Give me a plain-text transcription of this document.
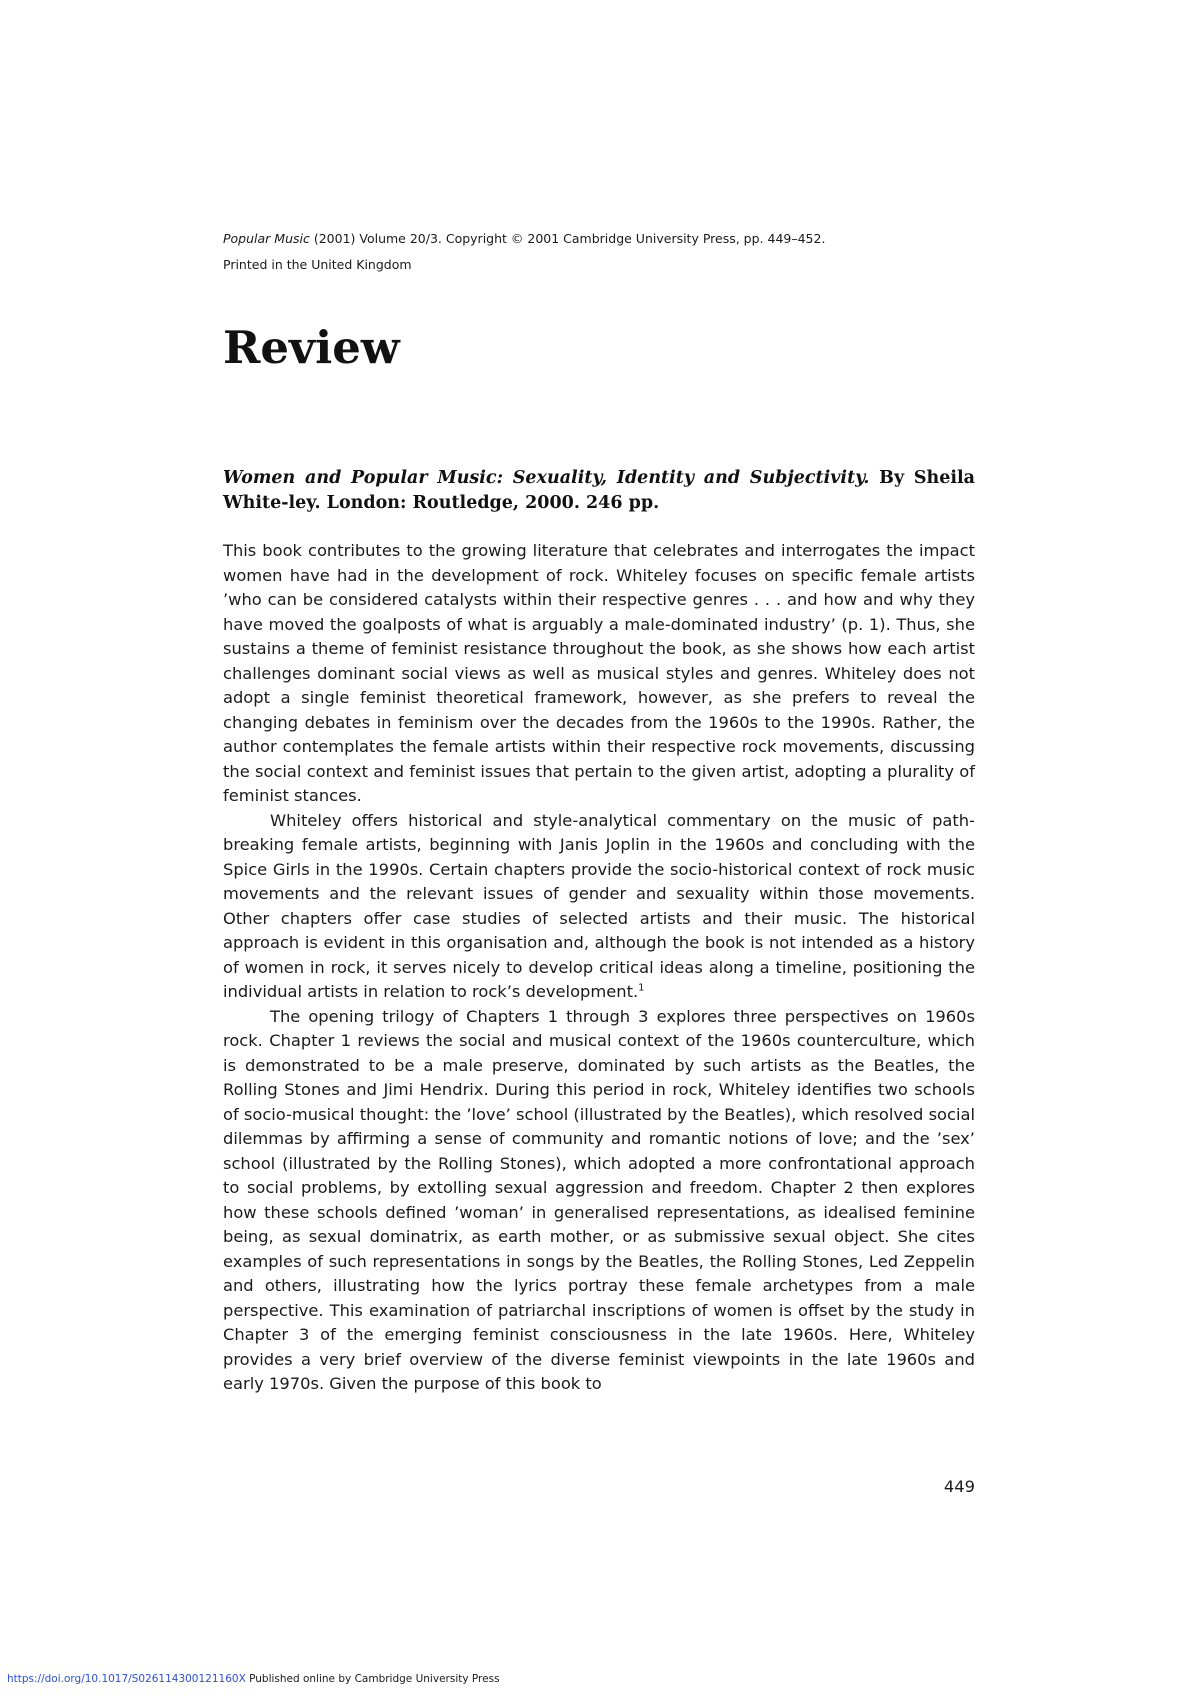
Popular Music (2001) Volume 20/3. Copyright © 2001 Cambridge University Press, pp. 449–452.
Printed in the United Kingdom
Review

Women and Popular Music: Sexuality, Identity and Subjectivity. By Sheila White-ley. London: Routledge, 2000. 246 pp.

This book contributes to the growing literature that celebrates and interrogates the impact women have had in the development of rock. Whiteley focuses on specific female artists ’who can be considered catalysts within their respective genres . . . and how and why they have moved the goalposts of what is arguably a male-dominated industry’ (p. 1). Thus, she sustains a theme of feminist resistance throughout the book, as she shows how each artist challenges dominant social views as well as musical styles and genres. Whiteley does not adopt a single feminist theoretical framework, however, as she prefers to reveal the changing debates in feminism over the decades from the 1960s to the 1990s. Rather, the author contemplates the female artists within their respective rock movements, discussing the social context and feminist issues that pertain to the given artist, adopting a plurality of feminist stances.

Whiteley offers historical and style-analytical commentary on the music of path-breaking female artists, beginning with Janis Joplin in the 1960s and concluding with the Spice Girls in the 1990s. Certain chapters provide the socio-historical context of rock music movements and the relevant issues of gender and sexuality within those movements. Other chapters offer case studies of selected artists and their music. The historical approach is evident in this organisation and, although the book is not intended as a history of women in rock, it serves nicely to develop critical ideas along a timeline, positioning the individual artists in relation to rock’s development.$^1$

The opening trilogy of Chapters 1 through 3 explores three perspectives on 1960s rock. Chapter 1 reviews the social and musical context of the 1960s counterculture, which is demonstrated to be a male preserve, dominated by such artists as the Beatles, the Rolling Stones and Jimi Hendrix. During this period in rock, Whiteley identifies two schools of socio-musical thought: the ’love’ school (illustrated by the Beatles), which resolved social dilemmas by affirming a sense of community and romantic notions of love; and the ’sex’ school (illustrated by the Rolling Stones), which adopted a more confrontational approach to social problems, by extolling sexual aggression and freedom. Chapter 2 then explores how these schools defined ’woman’ in generalised representations, as idealised feminine being, as sexual dominatrix, as earth mother, or as submissive sexual object. She cites examples of such representations in songs by the Beatles, the Rolling Stones, Led Zeppelin and others, illustrating how the lyrics portray these female archetypes from a male perspective. This examination of patriarchal inscriptions of women is offset by the study in Chapter 3 of the emerging feminist consciousness in the late 1960s. Here, Whiteley provides a very brief overview of the diverse feminist viewpoints in the late 1960s and early 1970s. Given the purpose of this book to

449
https://doi.org/10.1017/S026114300121160X Published online by Cambridge University Press
